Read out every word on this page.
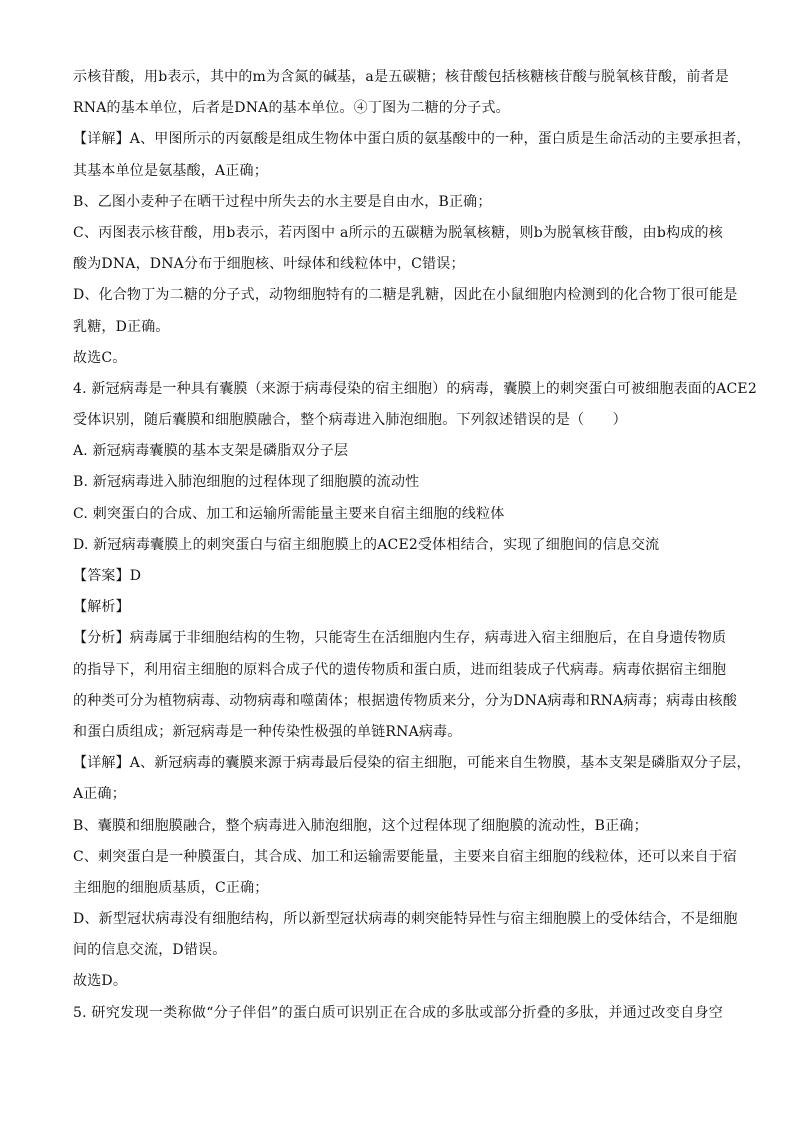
示核苷酸，用b表示，其中的m为含氮的碱基，a是五碳糖；核苷酸包括核糖核苷酸与脱氧核苷酸，前者是
RNA的基本单位，后者是DNA的基本单位。④丁图为二糖的分子式。
【详解】A、甲图所示的丙氨酸是组成生物体中蛋白质的氨基酸中的一种，蛋白质是生命活动的主要承担者，
其基本单位是氨基酸，A正确；
B、乙图小麦种子在晒干过程中所失去的水主要是自由水，B正确；
C、丙图表示核苷酸，用b表示，若丙图中 a所示的五碳糖为脱氧核糖，则b为脱氧核苷酸，由b构成的核
酸为DNA，DNA分布于细胞核、叶绿体和线粒体中，C错误；
D、化合物丁为二糖的分子式，动物细胞特有的二糖是乳糖，因此在小鼠细胞内检测到的化合物丁很可能是
乳糖，D正确。
故选C。
4. 新冠病毒是一种具有囊膜（来源于病毒侵染的宿主细胞）的病毒，囊膜上的刺突蛋白可被细胞表面的ACE2
受体识别，随后囊膜和细胞膜融合，整个病毒进入肺泡细胞。下列叙述错误的是（　　）
A. 新冠病毒囊膜的基本支架是磷脂双分子层
B. 新冠病毒进入肺泡细胞的过程体现了细胞膜的流动性
C. 刺突蛋白的合成、加工和运输所需能量主要来自宿主细胞的线粒体
D. 新冠病毒囊膜上的刺突蛋白与宿主细胞膜上的ACE2受体相结合，实现了细胞间的信息交流
【答案】D
【解析】
【分析】病毒属于非细胞结构的生物，只能寄生在活细胞内生存，病毒进入宿主细胞后，在自身遗传物质
的指导下，利用宿主细胞的原料合成子代的遗传物质和蛋白质，进而组装成子代病毒。病毒依据宿主细胞
的种类可分为植物病毒、动物病毒和噬菌体；根据遗传物质来分，分为DNA病毒和RNA病毒；病毒由核酸
和蛋白质组成；新冠病毒是一种传染性极强的单链RNA病毒。
【详解】A、新冠病毒的囊膜来源于病毒最后侵染的宿主细胞，可能来自生物膜，基本支架是磷脂双分子层，
A正确；
B、囊膜和细胞膜融合，整个病毒进入肺泡细胞，这个过程体现了细胞膜的流动性，B正确；
C、刺突蛋白是一种膜蛋白，其合成、加工和运输需要能量，主要来自宿主细胞的线粒体，还可以来自于宿
主细胞的细胞质基质，C正确；
D、新型冠状病毒没有细胞结构，所以新型冠状病毒的刺突能特异性与宿主细胞膜上的受体结合，不是细胞
间的信息交流，D错误。
故选D。
5. 研究发现一类称做“分子伴侣”的蛋白质可识别正在合成的多肽或部分折叠的多肽，并通过改变自身空
